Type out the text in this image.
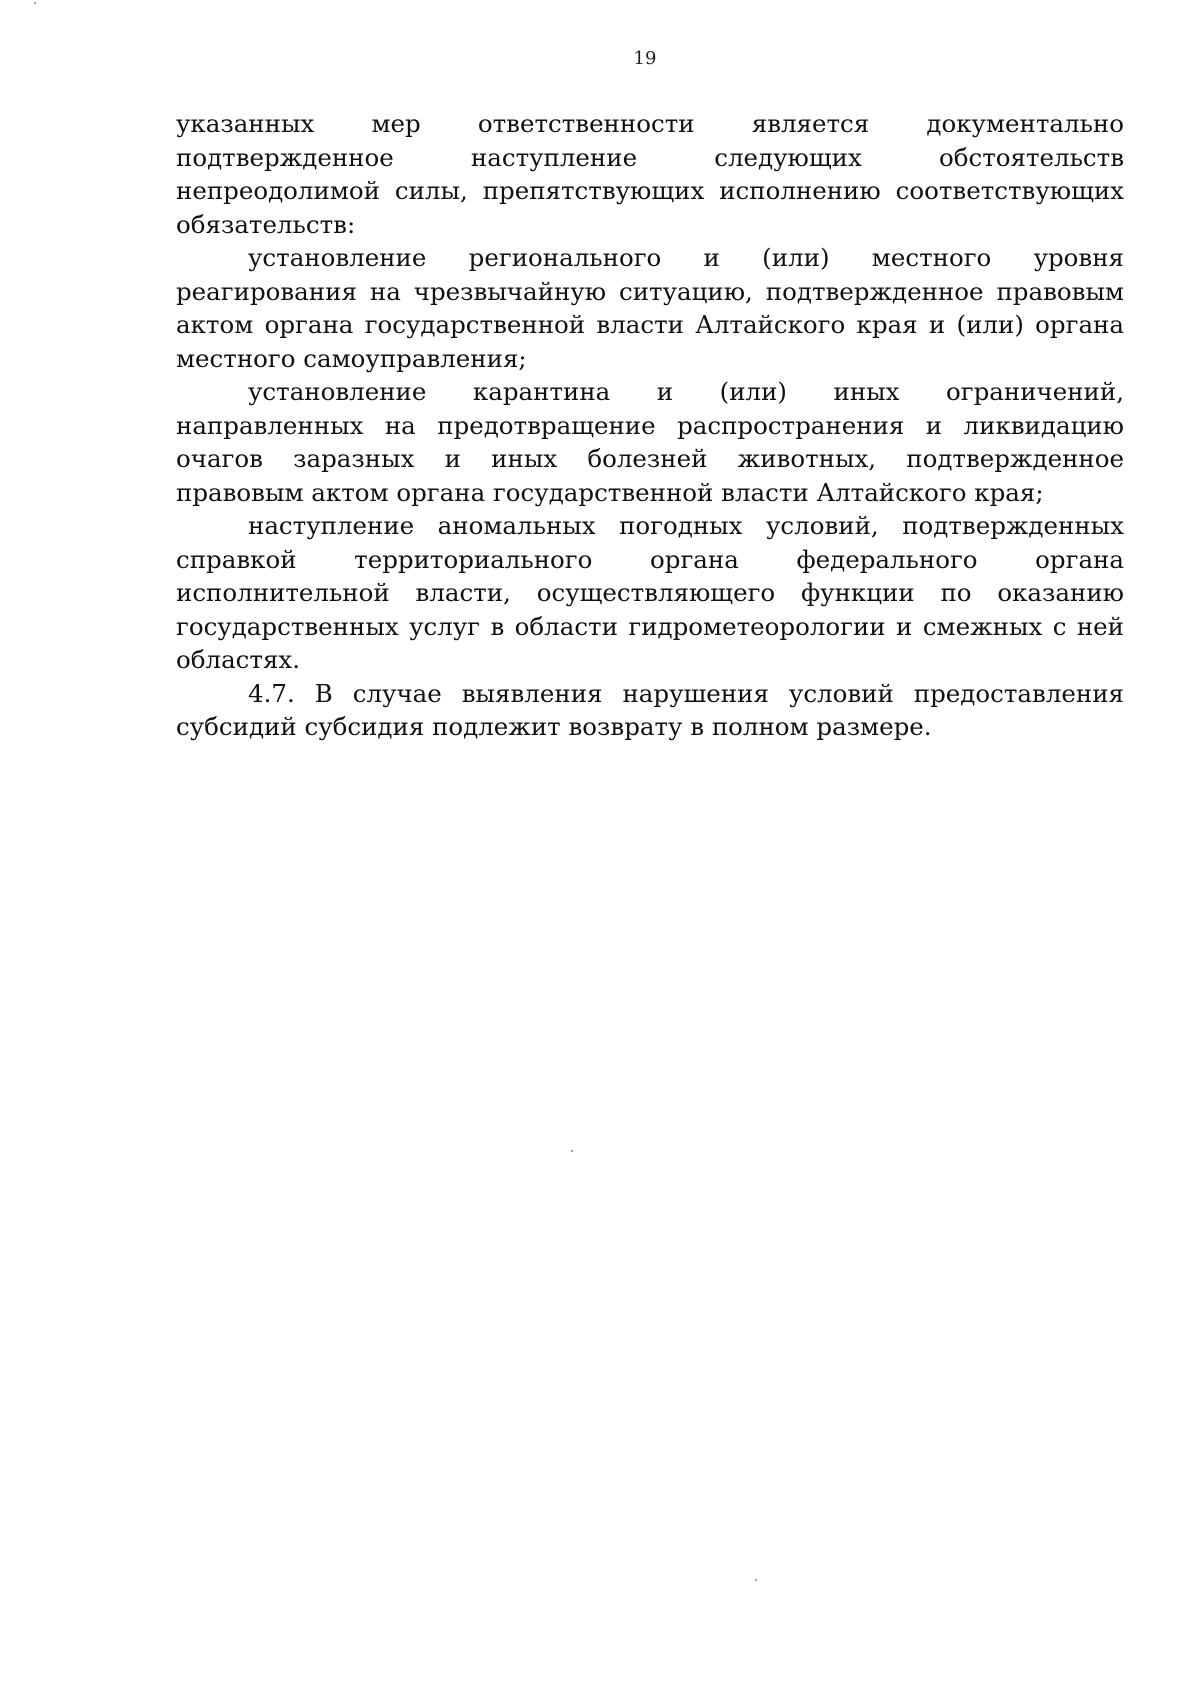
19

указанных мер ответственности является документально подтвержденное наступление следующих обстоятельств непреодолимой силы, препятствующих исполнению соответствующих обязательств:

установление регионального и (или) местного уровня реагирования на чрезвычайную ситуацию, подтвержденное правовым актом органа государственной власти Алтайского края и (или) органа местного самоуправления;

установление карантина и (или) иных ограничений, направленных на предотвращение распространения и ликвидацию очагов заразных и иных болезней животных, подтвержденное правовым актом органа государственной власти Алтайского края;

наступление аномальных погодных условий, подтвержденных справкой территориального органа федерального органа исполнительной власти, осуществляющего функции по оказанию государственных услуг в области гидрометеорологии и смежных с ней областях.

4.7. В случае выявления нарушения условий предоставления субсидий субсидия подлежит возврату в полном размере.
